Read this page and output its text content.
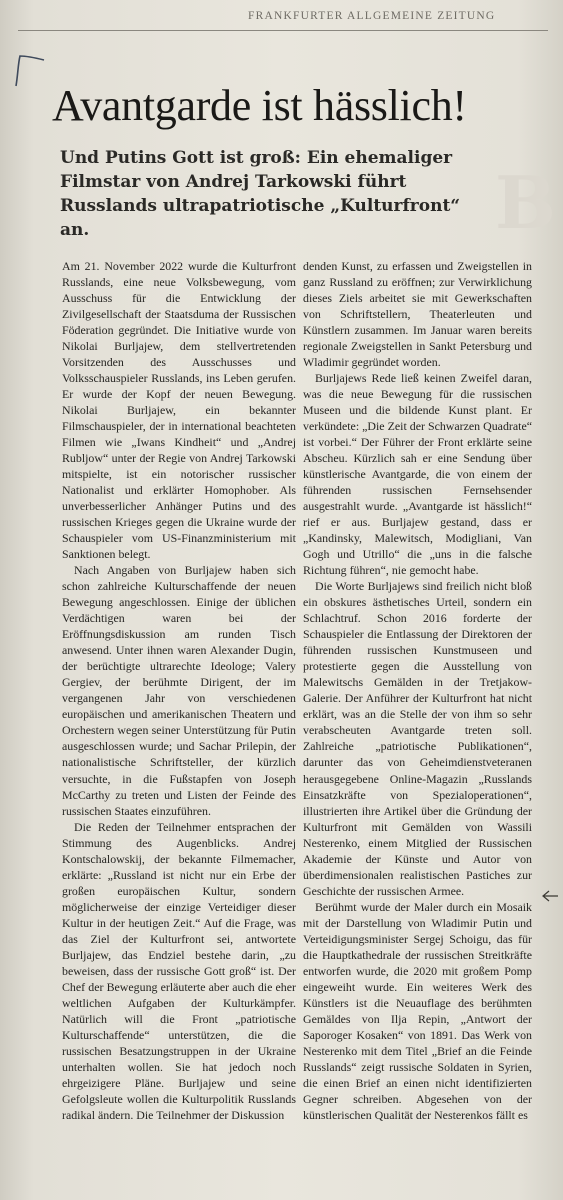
FRANKFURTER ALLGEMEINE ZEITUNG
B
Avantgarde ist hässlich!
Und Putins Gott ist groß: Ein ehemaliger Filmstar von Andrej Tarkowski führt Russlands ultrapatriotische „Kulturfront“ an.

Am 21. November 2022 wurde die Kulturfront Russlands, eine neue Volksbewegung, vom Ausschuss für die Entwicklung der Zivilgesellschaft der Staatsduma der Russischen Föderation gegründet. Die Initiative wurde von Nikolai Burljajew, dem stellvertretenden Vorsitzenden des Ausschusses und Volksschauspieler Russlands, ins Leben gerufen. Er wurde der Kopf der neuen Bewegung. Nikolai Burljajew, ein bekannter Filmschauspieler, der in international beachteten Filmen wie „Iwans Kindheit“ und „Andrej Rubljow“ unter der Regie von Andrej Tarkowski mitspielte, ist ein notorischer russischer Nationalist und erklärter Homophober. Als unverbesserlicher Anhänger Putins und des russischen Krieges gegen die Ukraine wurde der Schauspieler vom US-Finanzministerium mit Sanktionen belegt.

Nach Angaben von Burljajew haben sich schon zahlreiche Kulturschaffende der neuen Bewegung angeschlossen. Einige der üblichen Verdächtigen waren bei der Eröffnungsdiskussion am runden Tisch anwesend. Unter ihnen waren Alexander Dugin, der berüchtigte ultrarechte Ideologe; Valery Gergiev, der berühmte Dirigent, der im vergangenen Jahr von verschiedenen europäischen und amerikanischen Theatern und Orchestern wegen seiner Unterstützung für Putin ausgeschlossen wurde; und Sachar Prilepin, der nationalistische Schriftsteller, der kürzlich versuchte, in die Fußstapfen von Joseph McCarthy zu treten und Listen der Feinde des russischen Staates einzuführen.

Die Reden der Teilnehmer entsprachen der Stimmung des Augenblicks. Andrej Kontschalowskij, der bekannte Filmemacher, erklärte: „Russland ist nicht nur ein Erbe der großen europäischen Kultur, sondern möglicherweise der einzige Verteidiger dieser Kultur in der heutigen Zeit.“ Auf die Frage, was das Ziel der Kulturfront sei, antwortete Burljajew, das Endziel bestehe darin, „zu beweisen, dass der russische Gott groß“ ist. Der Chef der Bewegung erläuterte aber auch die eher weltlichen Aufgaben der Kulturkämpfer. Natürlich will die Front „patriotische Kulturschaffende“ unterstützen, die die russischen Besatzungstruppen in der Ukraine unterhalten wollen. Sie hat jedoch noch ehrgeizigere Pläne. Burljajew und seine Gefolgsleute wollen die Kulturpolitik Russlands radikal ändern. Die Teilnehmer der Diskussion

denden Kunst, zu erfassen und Zweigstellen in ganz Russland zu eröffnen; zur Verwirklichung dieses Ziels arbeitet sie mit Gewerkschaften von Schriftstellern, Theaterleuten und Künstlern zusammen. Im Januar waren bereits regionale Zweigstellen in Sankt Petersburg und Wladimir gegründet worden.

Burljajews Rede ließ keinen Zweifel daran, was die neue Bewegung für die russischen Museen und die bildende Kunst plant. Er verkündete: „Die Zeit der Schwarzen Quadrate“ ist vorbei.“ Der Führer der Front erklärte seine Abscheu. Kürzlich sah er eine Sendung über künstlerische Avantgarde, die von einem der führenden russischen Fernsehsender ausgestrahlt wurde. „Avantgarde ist hässlich!“ rief er aus. Burljajew gestand, dass er „Kandinsky, Malewitsch, Modigliani, Van Gogh und Utrillo“ die „uns in die falsche Richtung führen“, nie gemocht habe.

Die Worte Burljajews sind freilich nicht bloß ein obskures ästhetisches Urteil, sondern ein Schlachtruf. Schon 2016 forderte der Schauspieler die Entlassung der Direktoren der führenden russischen Kunstmuseen und protestierte gegen die Ausstellung von Malewitschs Gemälden in der Tretjakow-Galerie. Der Anführer der Kulturfront hat nicht erklärt, was an die Stelle der von ihm so sehr verabscheuten Avantgarde treten soll. Zahlreiche „patriotische Publikationen“, darunter das von Geheimdienstveteranen herausgegebene Online-Magazin „Russlands Einsatzkräfte von Spezialoperationen“, illustrierten ihre Artikel über die Gründung der Kulturfront mit Gemälden von Wassili Nesterenko, einem Mitglied der Russischen Akademie der Künste und Autor von überdimensionalen realistischen Pastiches zur Geschichte der russischen Armee.

Berühmt wurde der Maler durch ein Mosaik mit der Darstellung von Wladimir Putin und Verteidigungsminister Sergej Schoigu, das für die Hauptkathedrale der russischen Streitkräfte entworfen wurde, die 2020 mit großem Pomp eingeweiht wurde. Ein weiteres Werk des Künstlers ist die Neuauflage des berühmten Gemäldes von Ilja Repin, „Antwort der Saporoger Kosaken“ von 1891. Das Werk von Nesterenko mit dem Titel „Brief an die Feinde Russlands“ zeigt russische Soldaten in Syrien, die einen Brief an einen nicht identifizierten Gegner schreiben. Abgesehen von der künstlerischen Qualität der Nesterenkos fällt es
